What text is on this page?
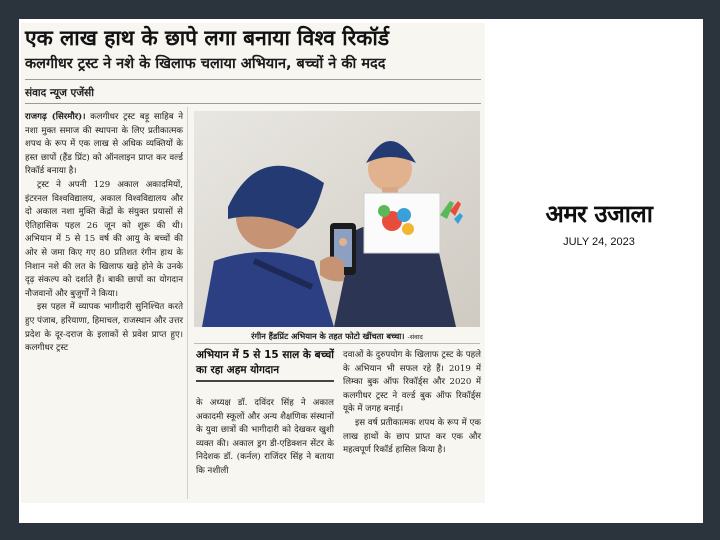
एक लाख हाथ के छापे लगा बनाया विश्व रिकॉर्ड
कलगीधर ट्रस्ट ने नशे के खिलाफ चलाया अभियान, बच्चों ने की मदद
संवाद न्यूज एजेंसी

राजगढ़ (सिरमौर)। कलगीधर ट्रस्ट बड़ू साहिब ने नशा मुक्त समाज की स्थापना के लिए प्रतीकात्मक शपथ के रूप में एक लाख से अधिक व्यक्तियों के हस्त छापों (हैंड प्रिंट) को ऑनलाइन प्राप्त कर वर्ल्ड रिकॉर्ड बनाया है।

ट्रस्ट ने अपनी 129 अकाल अकादमियों, इंटरनल विश्वविद्यालय, अकाल विश्वविद्यालय और दो अकाल नशा मुक्ति केंद्रों के संयुक्त प्रयासों से ऐतिहासिक पहल 26 जून को शुरू की थी। अभियान में 5 से 15 वर्ष की आयु के बच्चों की ओर से जमा किए गए 80 प्रतिशत रंगीन हाथ के निशान नशे की लत के खिलाफ खड़े होने के उनके दृढ़ संकल्प को दर्शाते हैं। बाकी छापों का योगदान नौजवानों और बुजुर्गों ने किया।

इस पहल में व्यापक भागीदारी सुनिश्चित करते हुए पंजाब, हरियाणा, हिमाचल, राजस्थान और उत्तर प्रदेश के दूर-दराज के इलाकों से प्रवेश प्राप्त हुए। कलगीधर ट्रस्ट

रंगीन हैंडप्रिंट अभियान के तहत फोटो खींचता बच्चा। -संवाद
अभियान में 5 से 15 साल के बच्चों का रहा अहम योगदान

के अध्यक्ष डॉ. दविंदर सिंह ने अकाल अकादमी स्कूलों और अन्य शैक्षणिक संस्थानों के युवा छात्रों की भागीदारी को देखकर खुशी व्यक्त की। अकाल ड्रग डी-एडिक्शन सेंटर के निदेशक डॉ. (कर्नल) राजिंदर सिंह ने बताया कि नशीली

दवाओं के दुरुपयोग के खिलाफ ट्रस्ट के पहले के अभियान भी सफल रहे हैं। 2019 में लिम्का बुक ऑफ रिकॉर्ड्स और 2020 में कलगीधर ट्रस्ट ने वर्ल्ड बुक ऑफ रिकॉर्ड्स यूके में जगह बनाई।

इस वर्ष प्रतीकात्मक शपथ के रूप में एक लाख हाथों के छाप प्राप्त कर एक और महत्वपूर्ण रिकॉर्ड हासिल किया है।

अमर उजाला
JULY 24, 2023
